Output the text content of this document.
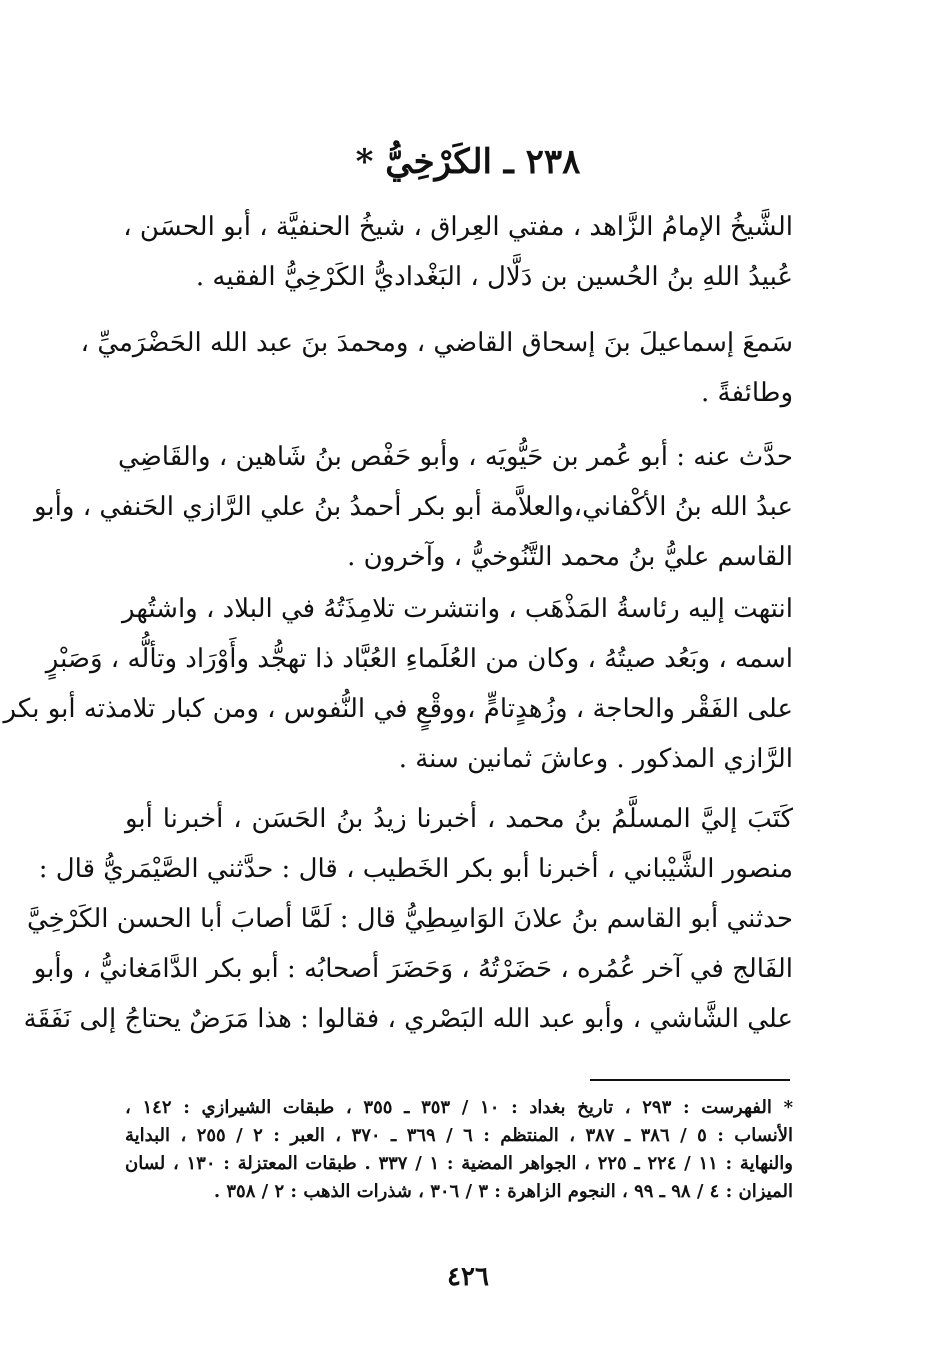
٢٣٨ ـ الكَرْخِيُّ *
الشَّيخُ الإمامُ الزَّاهد ، مفتي العِراق ، شيخُ الحنفيَّة ، أبو الحسَن ،
عُبيدُ اللهِ بنُ الحُسين بن دَلَّال ، البَغْداديُّ الكَرْخِيُّ الفقيه .
سَمعَ إسماعيلَ بنَ إسحاق القاضي ، ومحمدَ بنَ عبد الله الحَضْرَميِّ ،
وطائفةً .
حدَّث عنه : أبو عُمر بن حَيُّويَه ، وأبو حَفْص بنُ شَاهين ، والقَاضِي
عبدُ الله بنُ الأكْفاني،والعلاَّمة أبو بكر أحمدُ بنُ علي الرَّازي الحَنفي ، وأبو
القاسم عليُّ بنُ محمد التَّنُوخيُّ ، وآخرون .
انتهت إليه رئاسةُ المَذْهَب ، وانتشرت تلامِذَتُهُ في البلاد ، واشتُهر
اسمه ، وبَعُد صيتُهُ ، وكان من العُلَماءِ العُبَّاد ذا تهجُّد وأَوْرَاد وتألُّه ، وَصَبْرٍ
على الفَقْر والحاجة ، وزُهدٍتامٍّ ،ووقْعٍ في النُّفوس ، ومن كبار تلامذته أبو بكر
الرَّازي المذكور . وعاشَ ثمانين سنة .
كَتَبَ إليَّ المسلَّمُ بنُ محمد ، أخبرنا زيدُ بنُ الحَسَن ، أخبرنا أبو
منصور الشَّيْباني ، أخبرنا أبو بكر الخَطيب ، قال : حدَّثني الصَّيْمَريُّ قال :
حدثني أبو القاسم بنُ علانَ الوَاسِطِيُّ قال : لَمَّا أصابَ أبا الحسن الكَرْخِيَّ
الفَالج في آخر عُمُره ، حَضَرْتُهُ ، وَحَضَرَ أصحابُه : أبو بكر الدَّامَغانيُّ ، وأبو
علي الشَّاشي ، وأبو عبد الله البَصْري ، فقالوا : هذا مَرَضٌ يحتاجُ إلى نَفَقَة
* الفهرست : ٢٩٣ ، تاريخ بغداد : ١٠ / ٣٥٣ ـ ٣٥٥ ، طبقات الشيرازي : ١٤٢ ،
الأنساب : ٥ / ٣٨٦ ـ ٣٨٧ ، المنتظم : ٦ / ٣٦٩ ـ ٣٧٠ ، العبر : ٢ / ٢٥٥ ، البداية
والنهاية : ١١ / ٢٢٤ ـ ٢٢٥ ، الجواهر المضية : ١ / ٣٣٧ . طبقات المعتزلة : ١٣٠ ، لسان
الميزان : ٤ / ٩٨ ـ ٩٩ ، النجوم الزاهرة : ٣ / ٣٠٦ ، شذرات الذهب : ٢ / ٣٥٨ .
٤٢٦
